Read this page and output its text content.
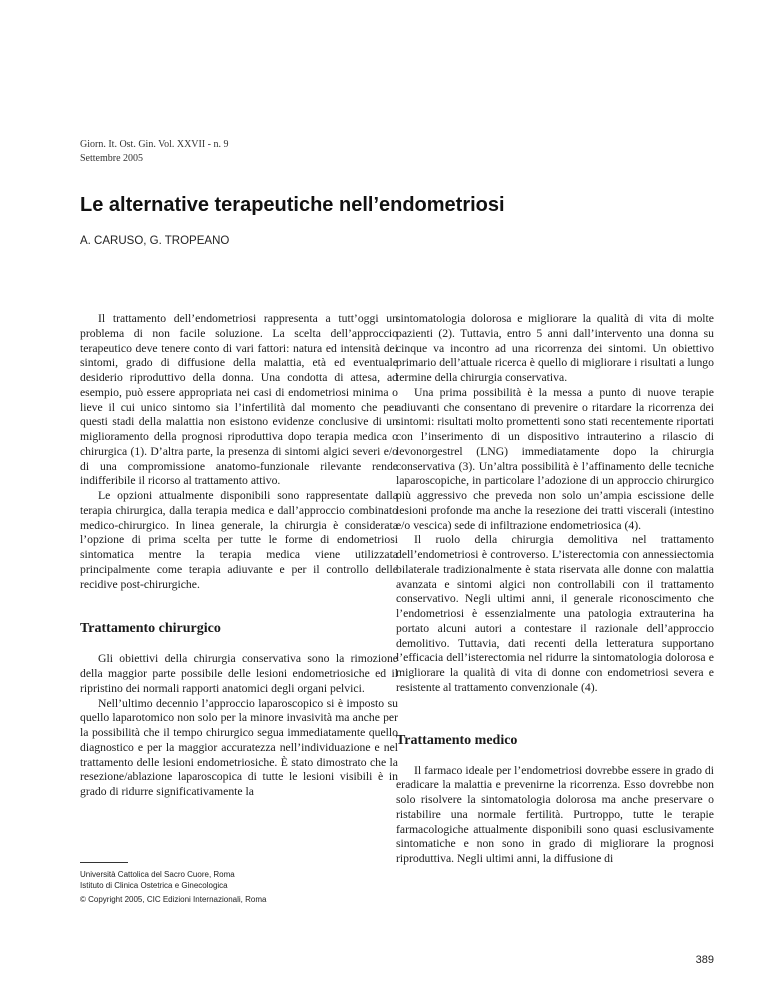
Giorn. It. Ost. Gin. Vol. XXVII - n. 9
Settembre 2005
Le alternative terapeutiche nell’endometriosi
A. CARUSO, G. TROPEANO

Il trattamento dell’endometriosi rappresenta a tutt’oggi un problema di non facile soluzione. La scelta dell’approccio terapeutico deve tenere conto di vari fattori: natura ed intensità dei sintomi, grado di diffusione della malattia, età ed eventuale desiderio riproduttivo della donna. Una condotta di attesa, ad esempio, può essere appropriata nei casi di endometriosi minima o lieve il cui unico sintomo sia l’infertilità dal momento che per questi stadi della malattia non esistono evidenze conclusive di un miglioramento della prognosi riproduttiva dopo terapia medica o chirurgica (1). D’altra parte, la presenza di sintomi algici severi e/o di una compromissione anatomo-funzionale rilevante rende indifferibile il ricorso al trattamento attivo.

Le opzioni attualmente disponibili sono rappresentate dalla terapia chirurgica, dalla terapia medica e dall’approccio combinato medico-chirurgico. In linea generale, la chirurgia è considerata l’opzione di prima scelta per tutte le forme di endometriosi sintomatica mentre la terapia medica viene utilizzata principalmente come terapia adiuvante e per il controllo delle recidive post-chirurgiche.

Trattamento chirurgico

Gli obiettivi della chirurgia conservativa sono la rimozione della maggior parte possibile delle lesioni endometriosiche ed il ripristino dei normali rapporti anatomici degli organi pelvici.

Nell’ultimo decennio l’approccio laparoscopico si è imposto su quello laparotomico non solo per la minore invasività ma anche per la possibilità che il tempo chirurgico segua immediatamente quello diagnostico e per la maggior accuratezza nell’individuazione e nel trattamento delle lesioni endometriosiche. È stato dimostrato che la resezione/ablazione laparoscopica di tutte le lesioni visibili è in grado di ridurre significativamente la

sintomatologia dolorosa e migliorare la qualità di vita di molte pazienti (2). Tuttavia, entro 5 anni dall’intervento una donna su cinque va incontro ad una ricorrenza dei sintomi. Un obiettivo primario dell’attuale ricerca è quello di migliorare i risultati a lungo termine della chirurgia conservativa.

Una prima possibilità è la messa a punto di nuove terapie adiuvanti che consentano di prevenire o ritardare la ricorrenza dei sintomi: risultati molto promettenti sono stati recentemente riportati con l’inserimento di un dispositivo intrauterino a rilascio di levonorgestrel (LNG) immediatamente dopo la chirurgia conservativa (3). Un’altra possibilità è l’affinamento delle tecniche laparoscopiche, in particolare l’adozione di un approccio chirurgico più aggressivo che preveda non solo un’ampia escissione delle lesioni profonde ma anche la resezione dei tratti viscerali (intestino e/o vescica) sede di infiltrazione endometriosica (4).

Il ruolo della chirurgia demolitiva nel trattamento dell’endometriosi è controverso. L’isterectomia con annessiectomia bilaterale tradizionalmente è stata riservata alle donne con malattia avanzata e sintomi algici non controllabili con il trattamento conservativo. Negli ultimi anni, il generale riconoscimento che l’endometriosi è essenzialmente una patologia extrauterina ha portato alcuni autori a contestare il razionale dell’approccio demolitivo. Tuttavia, dati recenti della letteratura supportano l’efficacia dell’isterectomia nel ridurre la sintomatologia dolorosa e migliorare la qualità di vita di donne con endometriosi severa e resistente al trattamento convenzionale (4).

Trattamento medico

Il farmaco ideale per l’endometriosi dovrebbe essere in grado di eradicare la malattia e prevenirne la ricorrenza. Esso dovrebbe non solo risolvere la sintomatologia dolorosa ma anche preservare o ristabilire una normale fertilità. Purtroppo, tutte le terapie farmacologiche attualmente disponibili sono quasi esclusivamente sintomatiche e non sono in grado di migliorare la prognosi riproduttiva. Negli ultimi anni, la diffusione di

Università Cattolica del Sacro Cuore, Roma
Istituto di Clinica Ostetrica e Ginecologica
© Copyright 2005, CIC Edizioni Internazionali, Roma
389
